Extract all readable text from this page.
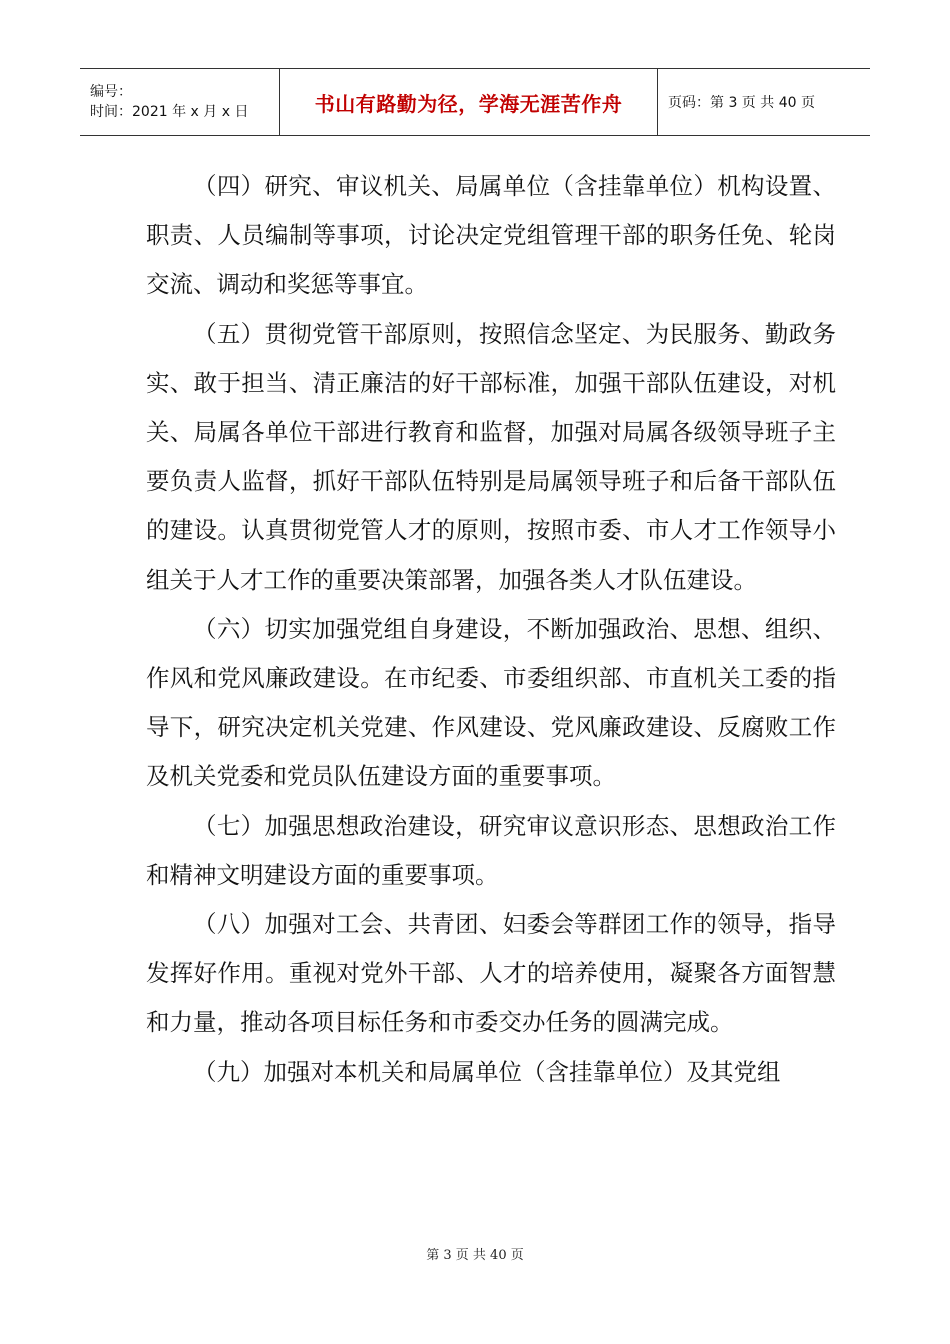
编号：
时间：2021 年 x 月 x 日	书山有路勤为径，学海无涯苦作舟	页码：第 3 页 共 40 页

（四）研究、审议机关、局属单位（含挂靠单位）机构设置、职责、人员编制等事项，讨论决定党组管理干部的职务任免、轮岗交流、调动和奖惩等事宜。

（五）贯彻党管干部原则，按照信念坚定、为民服务、勤政务实、敢于担当、清正廉洁的好干部标准，加强干部队伍建设，对机关、局属各单位干部进行教育和监督，加强对局属各级领导班子主要负责人监督，抓好干部队伍特别是局属领导班子和后备干部队伍的建设。认真贯彻党管人才的原则，按照市委、市人才工作领导小组关于人才工作的重要决策部署，加强各类人才队伍建设。

（六）切实加强党组自身建设，不断加强政治、思想、组织、作风和党风廉政建设。在市纪委、市委组织部、市直机关工委的指导下，研究决定机关党建、作风建设、党风廉政建设、反腐败工作及机关党委和党员队伍建设方面的重要事项。

（七）加强思想政治建设，研究审议意识形态、思想政治工作和精神文明建设方面的重要事项。

（八）加强对工会、共青团、妇委会等群团工作的领导，指导发挥好作用。重视对党外干部、人才的培养使用，凝聚各方面智慧和力量，推动各项目标任务和市委交办任务的圆满完成。

（九）加强对本机关和局属单位（含挂靠单位）及其党组

第 3 页 共 40 页
